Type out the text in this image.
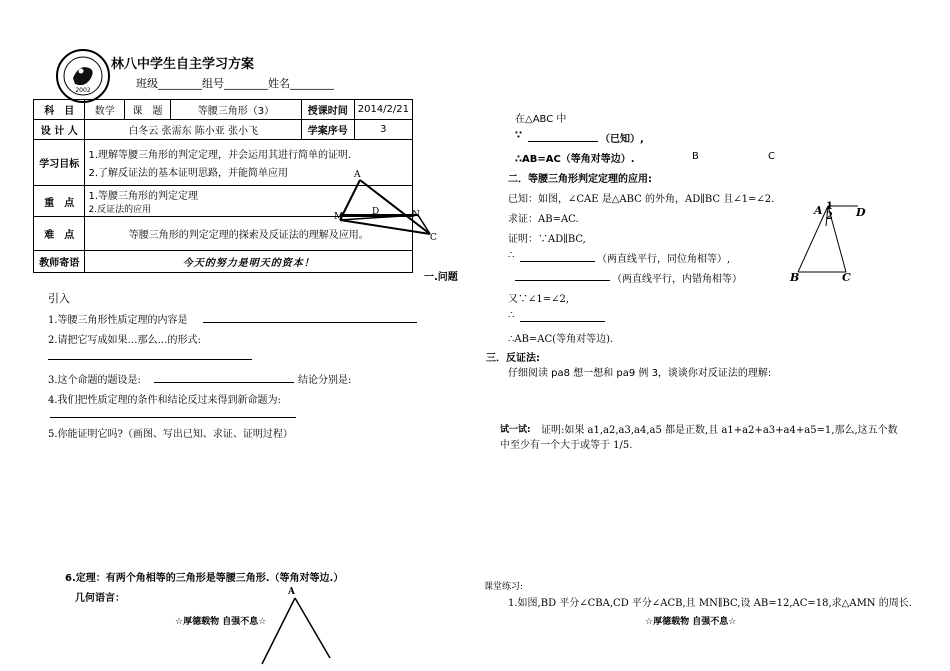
2002
林八中学生自主学习方案
班级________组号________姓名________
科　目	数学	课　题	等腰三角形（3）	授课时间	2014/2/21
设 计 人	白冬云 张需东 陈小亚 张小飞			学案序号	3
学习目标	1.理解等腰三角形的判定定理，并会运用其进行简单的证明.
2.了解反证法的基本证明思路，并能简单应用				

重　点	1.等腰三角形的判定定理
2.反证法的应用				

难　点	等腰三角形的判定定理的探索及反证法的理解及应用。				
教师寄语	今天的努力是明天的资本！				
A
M	D	N
C
一.问题
引入
1.等腰三角形性质定理的内容是
2.请把它写成如果…那么…的形式:
3.这个命题的题设是:	结论分别是:
4.我们把性质定理的条件和结论反过来得到新命题为:
5.你能证明它吗?（画图、写出已知、求证、证明过程）
6.定理：有两个角相等的三角形是等腰三角形.（等角对等边.）
几何语言：
☆厚德载物 自强不息☆
A
在△ABC 中
∵	（已知）,
∴AB=AC（等角对等边）.	B	C
二．等腰三角形判定定理的应用:
已知：如图，∠CAE 是△ABC 的外角，AD∥BC 且∠1=∠2.
求证：AB=AC.
证明：∵AD∥BC,
∴	（两直线平行，同位角相等）,
（两直线平行，内错角相等）
又∵∠1=∠2,
∴
∴AB=AC(等角对等边).
A 1
2 D
B	C
三．反证法:
仔细阅读 pa8 想一想和 pa9 例 3，谈谈你对反证法的理解:
试一试: 证明:如果 a1,a2,a3,a4,a5 都是正数,且 a1+a2+a3+a4+a5=1,那么,这五个数
中至少有一个大于或等于 1/5.
课堂练习:
1.如图,BD 平分∠CBA,CD 平分∠ACB,且 MN∥BC,设 AB=12,AC=18,求△AMN 的周长.
☆厚德载物 自强不息☆
